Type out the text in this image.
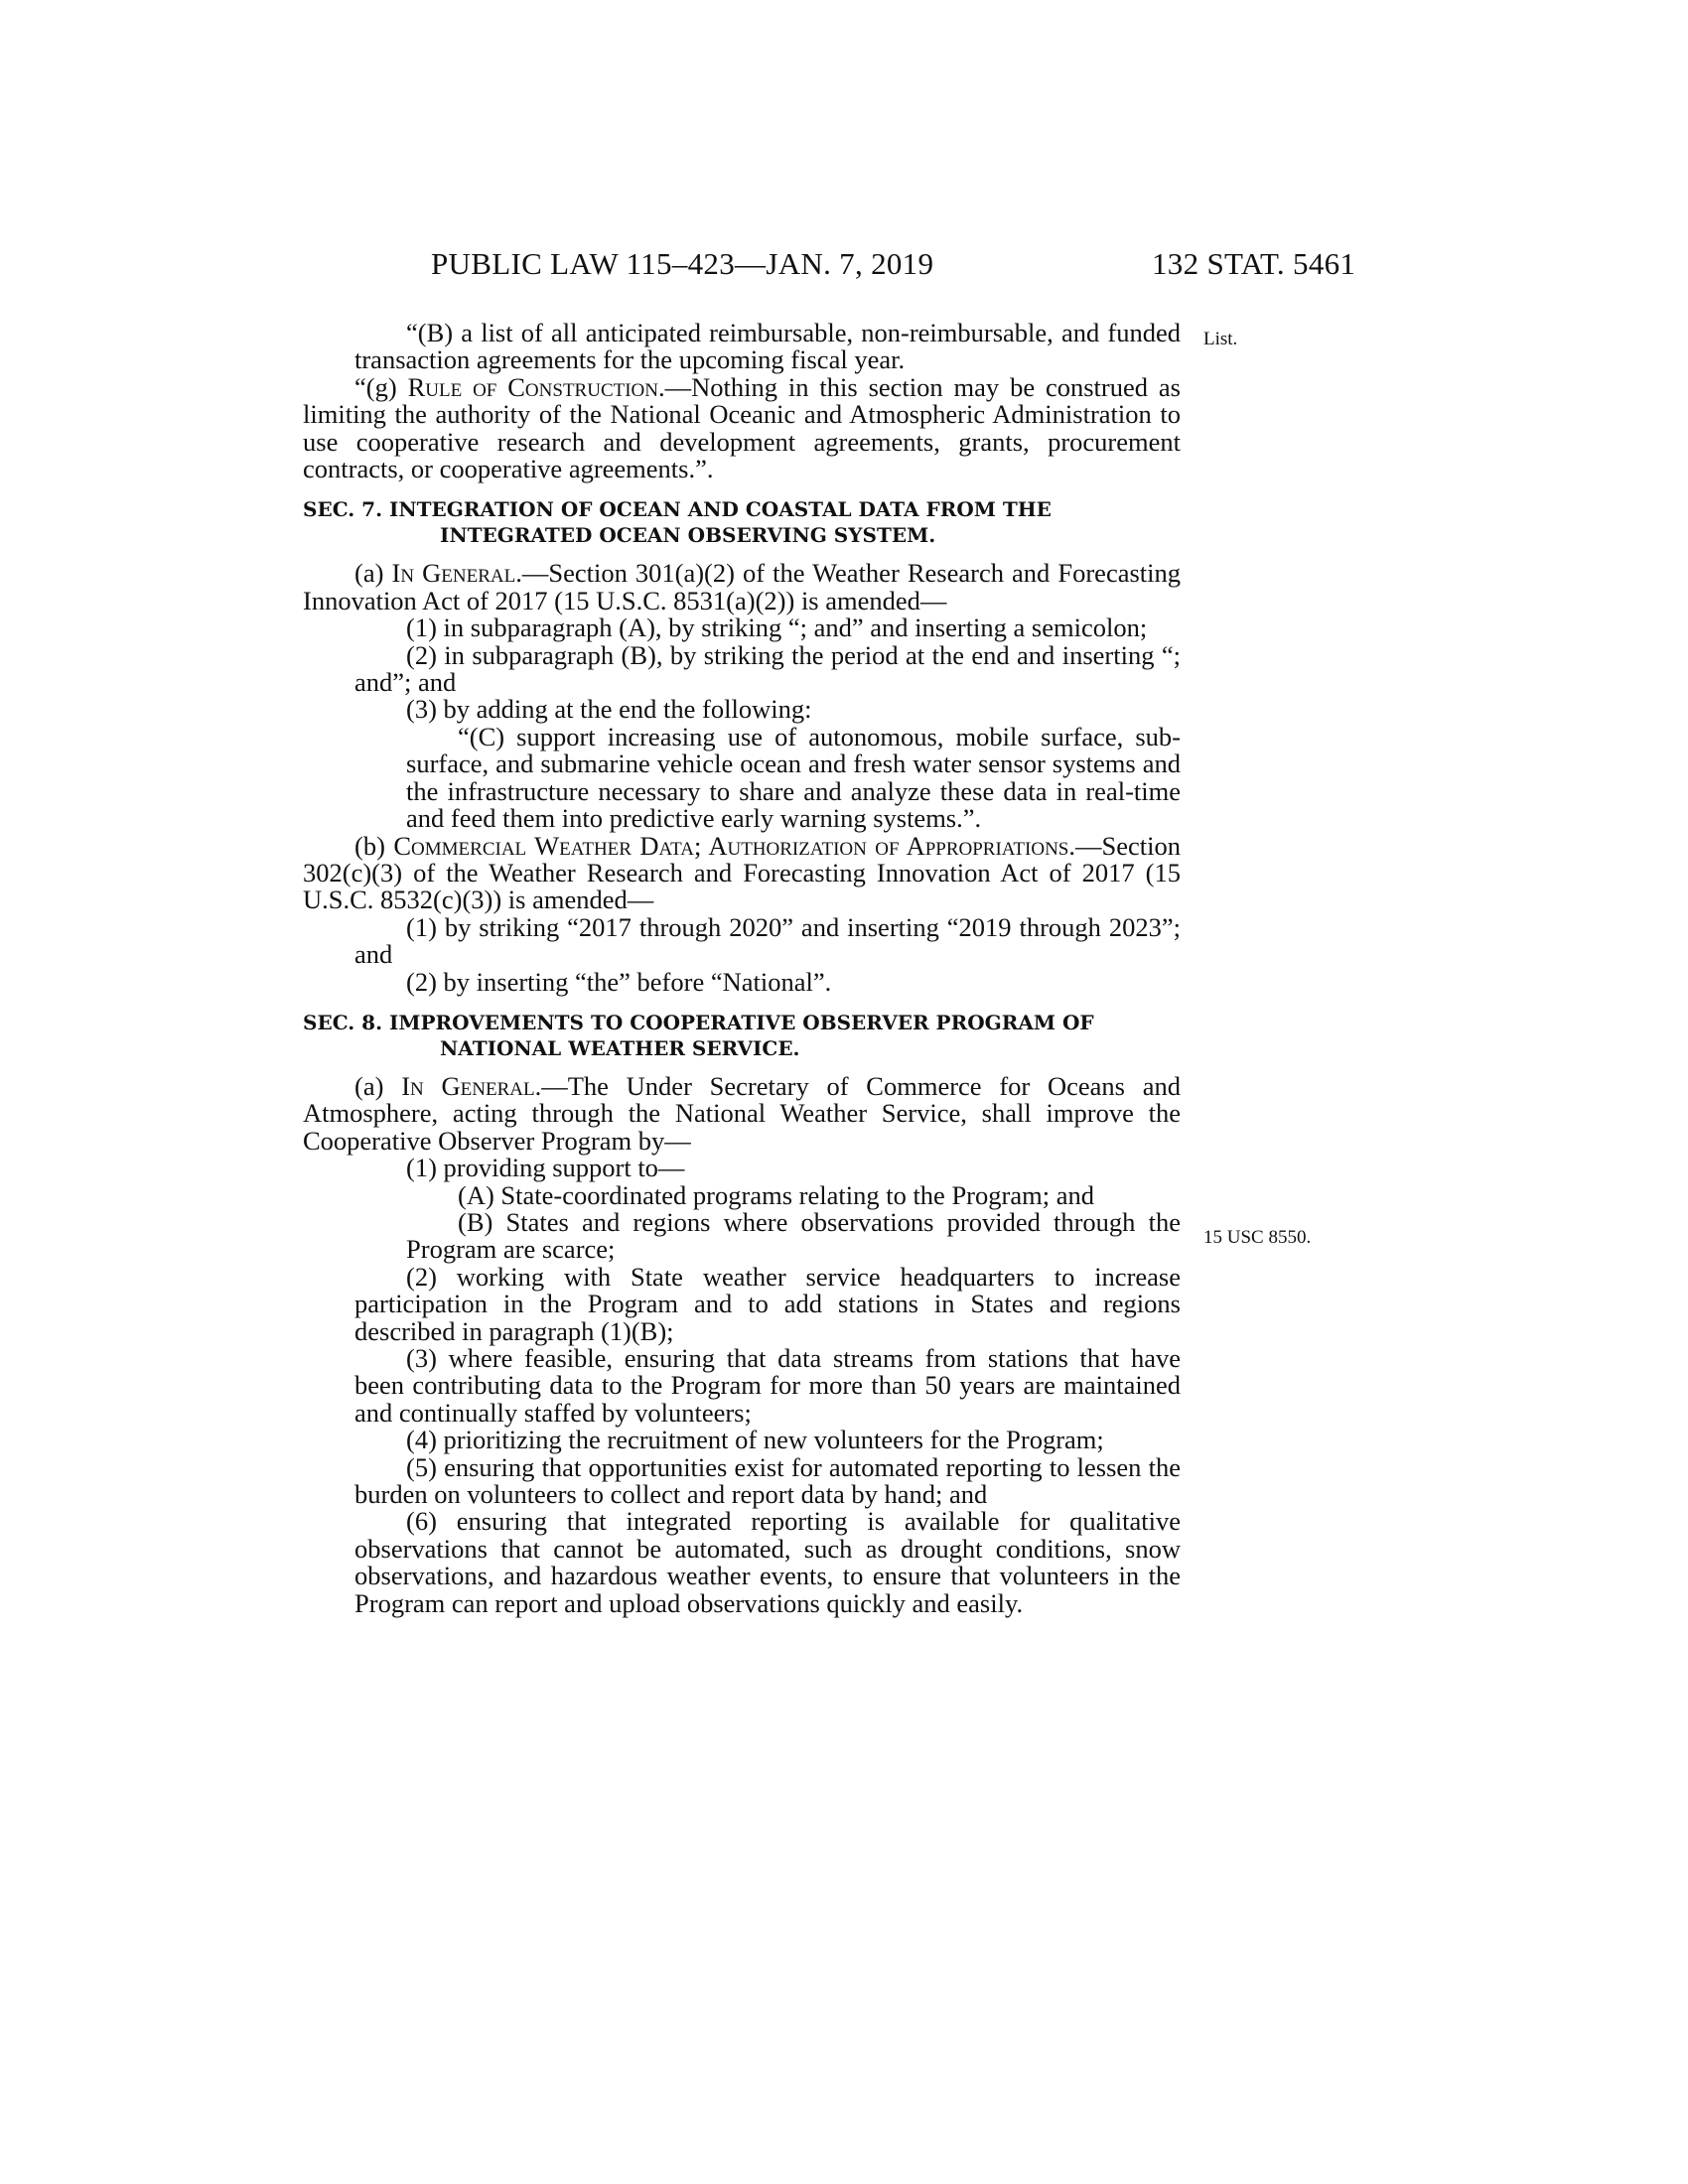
PUBLIC LAW 115–423—JAN. 7, 2019	132 STAT. 5461
List.
15 USC 8550.

“(B) a list of all anticipated reimbursable, non-reimbursable, and funded transaction agreements for the upcoming fiscal year.

“(g) Rule of Construction.—Nothing in this section may be construed as limiting the authority of the National Oceanic and Atmospheric Administration to use cooperative research and development agreements, grants, procurement contracts, or cooperative agreements.”.

SEC. 7. INTEGRATION OF OCEAN AND COASTAL DATA FROM THE
INTEGRATED OCEAN OBSERVING SYSTEM.

(a) In General.—Section 301(a)(2) of the Weather Research and Forecasting Innovation Act of 2017 (15 U.S.C. 8531(a)(2)) is amended—

(1) in subparagraph (A), by striking “; and” and inserting a semicolon;

(2) in subparagraph (B), by striking the period at the end and inserting “; and”; and

(3) by adding at the end the following:

“(C) support increasing use of autonomous, mobile surface, sub-surface, and submarine vehicle ocean and fresh water sensor systems and the infrastructure necessary to share and analyze these data in real-time and feed them into predictive early warning systems.”.

(b) Commercial Weather Data; Authorization of Appropriations.—Section 302(c)(3) of the Weather Research and Forecasting Innovation Act of 2017 (15 U.S.C. 8532(c)(3)) is amended—

(1) by striking “2017 through 2020” and inserting “2019 through 2023”; and

(2) by inserting “the” before “National”.

SEC. 8. IMPROVEMENTS TO COOPERATIVE OBSERVER PROGRAM OF
NATIONAL WEATHER SERVICE.

(a) In General.—The Under Secretary of Commerce for Oceans and Atmosphere, acting through the National Weather Service, shall improve the Cooperative Observer Program by—

(1) providing support to—

(A) State-coordinated programs relating to the Program; and

(B) States and regions where observations provided through the Program are scarce;

(2) working with State weather service headquarters to increase participation in the Program and to add stations in States and regions described in paragraph (1)(B);

(3) where feasible, ensuring that data streams from stations that have been contributing data to the Program for more than 50 years are maintained and continually staffed by volunteers;

(4) prioritizing the recruitment of new volunteers for the Program;

(5) ensuring that opportunities exist for automated reporting to lessen the burden on volunteers to collect and report data by hand; and

(6) ensuring that integrated reporting is available for qualitative observations that cannot be automated, such as drought conditions, snow observations, and hazardous weather events, to ensure that volunteers in the Program can report and upload observations quickly and easily.
